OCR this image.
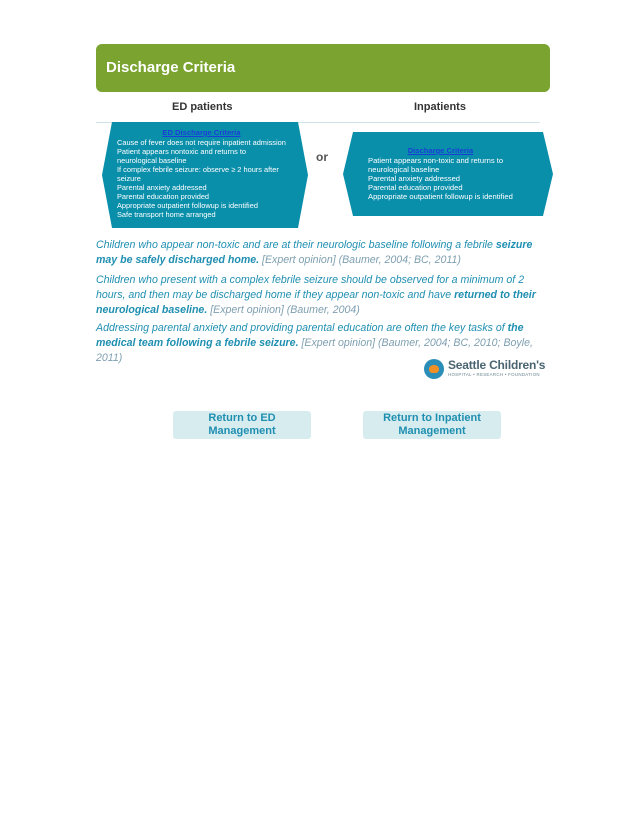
Discharge Criteria
ED patients	Inpatients
ED Discharge Criteria
Cause of fever does not require inpatient admission
Patient appears nontoxic and returns to
neurological baseline
If complex febrile seizure: observe ≥ 2 hours after
seizure
Parental anxiety addressed
Parental education provided
Appropriate outpatient followup is identified
Safe transport home arranged
or	Discharge Criteria
Patient appears non-toxic and returns to
neurological baseline
Parental anxiety addressed
Parental education provided
Appropriate outpatient followup is identified
Children who appear non-toxic and are at their neurologic baseline following a febrile seizure may be safely discharged home. [Expert opinion] (Baumer, 2004; BC, 2011)
Children who present with a complex febrile seizure should be observed for a minimum of 2 hours, and then may be discharged home if they appear non-toxic and have returned to their neurological baseline. [Expert opinion] (Baumer, 2004)
Addressing parental anxiety and providing parental education are often the key tasks of the medical team following a febrile seizure. [Expert opinion] (Baumer, 2004; BC, 2010; Boyle, 2011)	Seattle Children's
HOSPITAL • RESEARCH • FOUNDATION
Return to ED
Management
Return to Inpatient
Management
